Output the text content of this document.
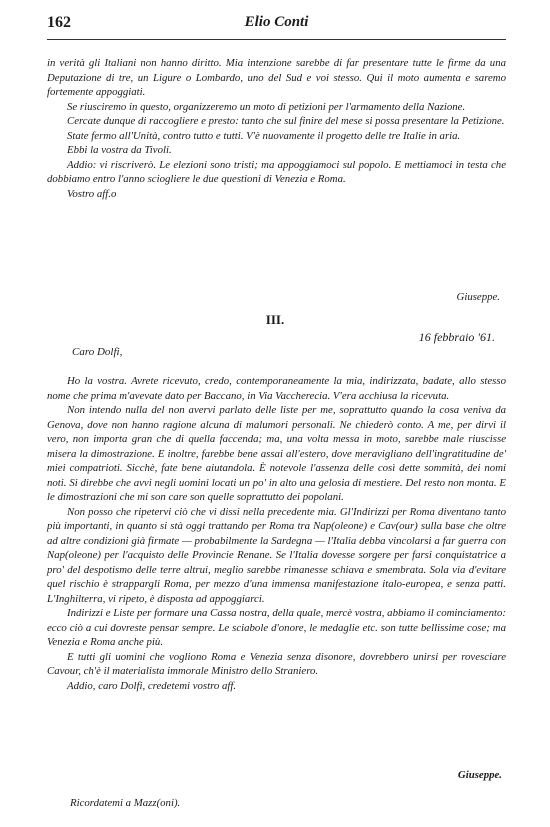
162	Elio Conti

in verità gli Italiani non hanno diritto. Mia intenzione sarebbe di far presentare tutte le firme da una Deputazione di tre, un Ligure o Lombardo, uno del Sud e voi stesso. Qui il moto aumenta e saremo fortemente appoggiati.

Se riusciremo in questo, organizzeremo un moto di petizioni per l'armamento della Nazione.

Cercate dunque di raccogliere e presto: tanto che sul finire del mese si possa presentare la Petizione.

State fermo all'Unità, contro tutto e tutti. V'è nuovamente il progetto delle tre Italie in aria.

Ebbi la vostra da Tivoli.

Addio: vi riscriverò. Le elezioni sono tristi; ma appoggiamoci sul popolo. E mettiamoci in testa che dobbiamo entro l'anno sciogliere le due questioni di Venezia e Roma.

Vostro aff.o

Giuseppe.
III.
16 febbraio '61.
Caro Dolfi,

Ho la vostra. Avrete ricevuto, credo, contemporaneamente la mia, indirizzata, badate, allo stesso nome che prima m'avevate dato per Baccano, in Via Vaccherecia. V'era acchiusa la ricevuta.

Non intendo nulla del non avervi parlato delle liste per me, soprattutto quando la cosa veniva da Genova, dove non hanno ragione alcuna di malumori personali. Ne chiederò conto. A me, per dirvi il vero, non importa gran che di quella faccenda; ma, una volta messa in moto, sarebbe male riuscisse misera la dimostrazione. E inoltre, farebbe bene assai all'estero, dove meravigliano dell'ingratitudine de' miei compatrioti. Sicchè, fate bene aiutandola. È notevole l'assenza delle così dette sommità, dei nomi noti. Si direbbe che avvi negli uomini locati un po' in alto una gelosia di mestiere. Del resto non monta. E le dimostrazioni che mi son care son quelle soprattutto dei popolani.

Non posso che ripetervi ciò che vi dissi nella precedente mia. Gl'Indirizzi per Roma diventano tanto più importanti, in quanto si stà oggi trattando per Roma tra Nap(oleone) e Cav(our) sulla base che oltre ad altre condizioni già firmate — probabilmente la Sardegna — l'Italia debba vincolarsi a far guerra con Nap(oleone) per l'acquisto delle Provincie Renane. Se l'Italia dovesse sorgere per farsi conquistatrice a pro' del despotismo delle terre altrui, meglio sarebbe rimanesse schiava e smembrata. Sola via d'evitare quel rischio è strappargli Roma, per mezzo d'una immensa manifestazione italo-europea, e senza patti. L'Inghilterra, vi ripeto, è disposta ad appoggiarci.

Indirizzi e Liste per formare una Cassa nostra, della quale, mercè vostra, abbiamo il cominciamento: ecco ciò a cui dovreste pensar sempre. Le sciabole d'onore, le medaglie etc. son tutte bellissime cose; ma Venezia e Roma anche più.

E tutti gli uomini che vogliono Roma e Venezia senza disonore, dovrebbero unirsi per rovesciare Cavour, ch'è il materialista immorale Ministro dello Straniero.

Addio, caro Dolfi, credetemi vostro aff.

Giuseppe.
Ricordatemi a Mazz(oni).
